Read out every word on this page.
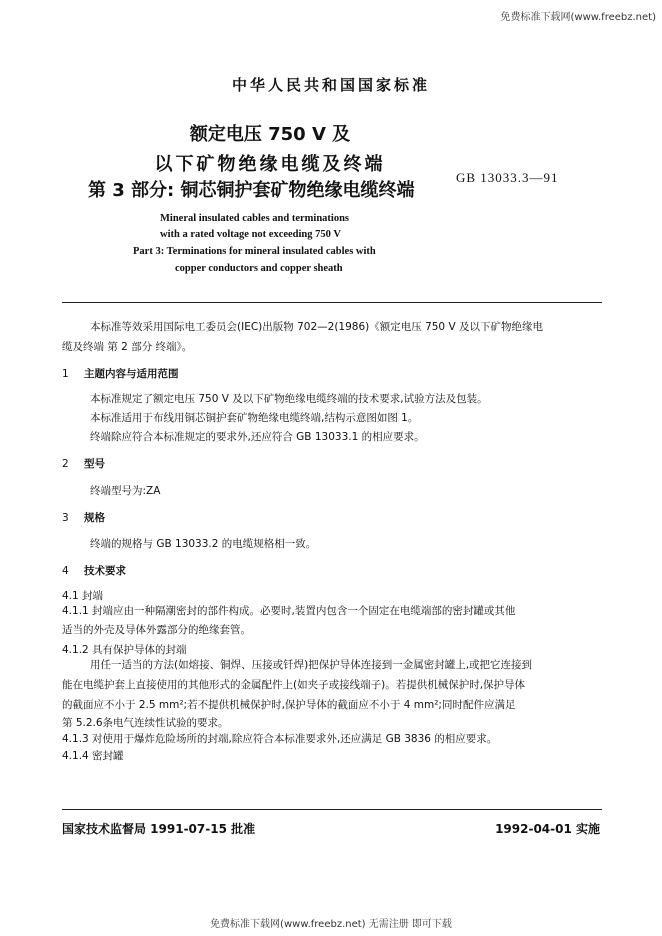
免费标准下载网(www.freebz.net)
中华人民共和国国家标准
额定电压 750 V 及
以下矿物绝缘电缆及终端
第 3 部分: 铜芯铜护套矿物绝缘电缆终端
GB 13033.3—91
Mineral insulated cables and terminations
with a rated voltage not exceeding 750 V
Part 3: Terminations for mineral insulated cables with
copper conductors and copper sheath
本标准等效采用国际电工委员会(IEC)出版物 702—2(1986)《额定电压 750 V 及以下矿物绝缘电
缆及终端 第 2 部分 终端》。
1 主题内容与适用范围
本标准规定了额定电压 750 V 及以下矿物绝缘电缆终端的技术要求,试验方法及包装。
本标准适用于布线用铜芯铜护套矿物绝缘电缆终端,结构示意图如图 1。
终端除应符合本标准规定的要求外,还应符合 GB 13033.1 的相应要求。
2 型号
终端型号为:ZA
3 规格
终端的规格与 GB 13033.2 的电缆规格相一致。
4 技术要求
4.1 封端
4.1.1 封端应由一种隔潮密封的部件构成。必要时,装置内包含一个固定在电缆端部的密封罐或其他
适当的外壳及导体外露部分的绝缘套管。
4.1.2 具有保护导体的封端
用任一适当的方法(如熔接、铜焊、压接或钎焊)把保护导体连接到一金属密封罐上,或把它连接到
能在电缆护套上直接使用的其他形式的金属配件上(如夹子或接线端子)。若提供机械保护时,保护导体
的截面应不小于 2.5 mm²;若不提供机械保护时,保护导体的截面应不小于 4 mm²;同时配件应满足
第 5.2.6条电气连续性试验的要求。
4.1.3 对使用于爆炸危险场所的封端,除应符合本标准要求外,还应满足 GB 3836 的相应要求。
4.1.4 密封罐
国家技术监督局 1991-07-15 批准	1992-04-01 实施
免费标准下载网(www.freebz.net) 无需注册 即可下载
